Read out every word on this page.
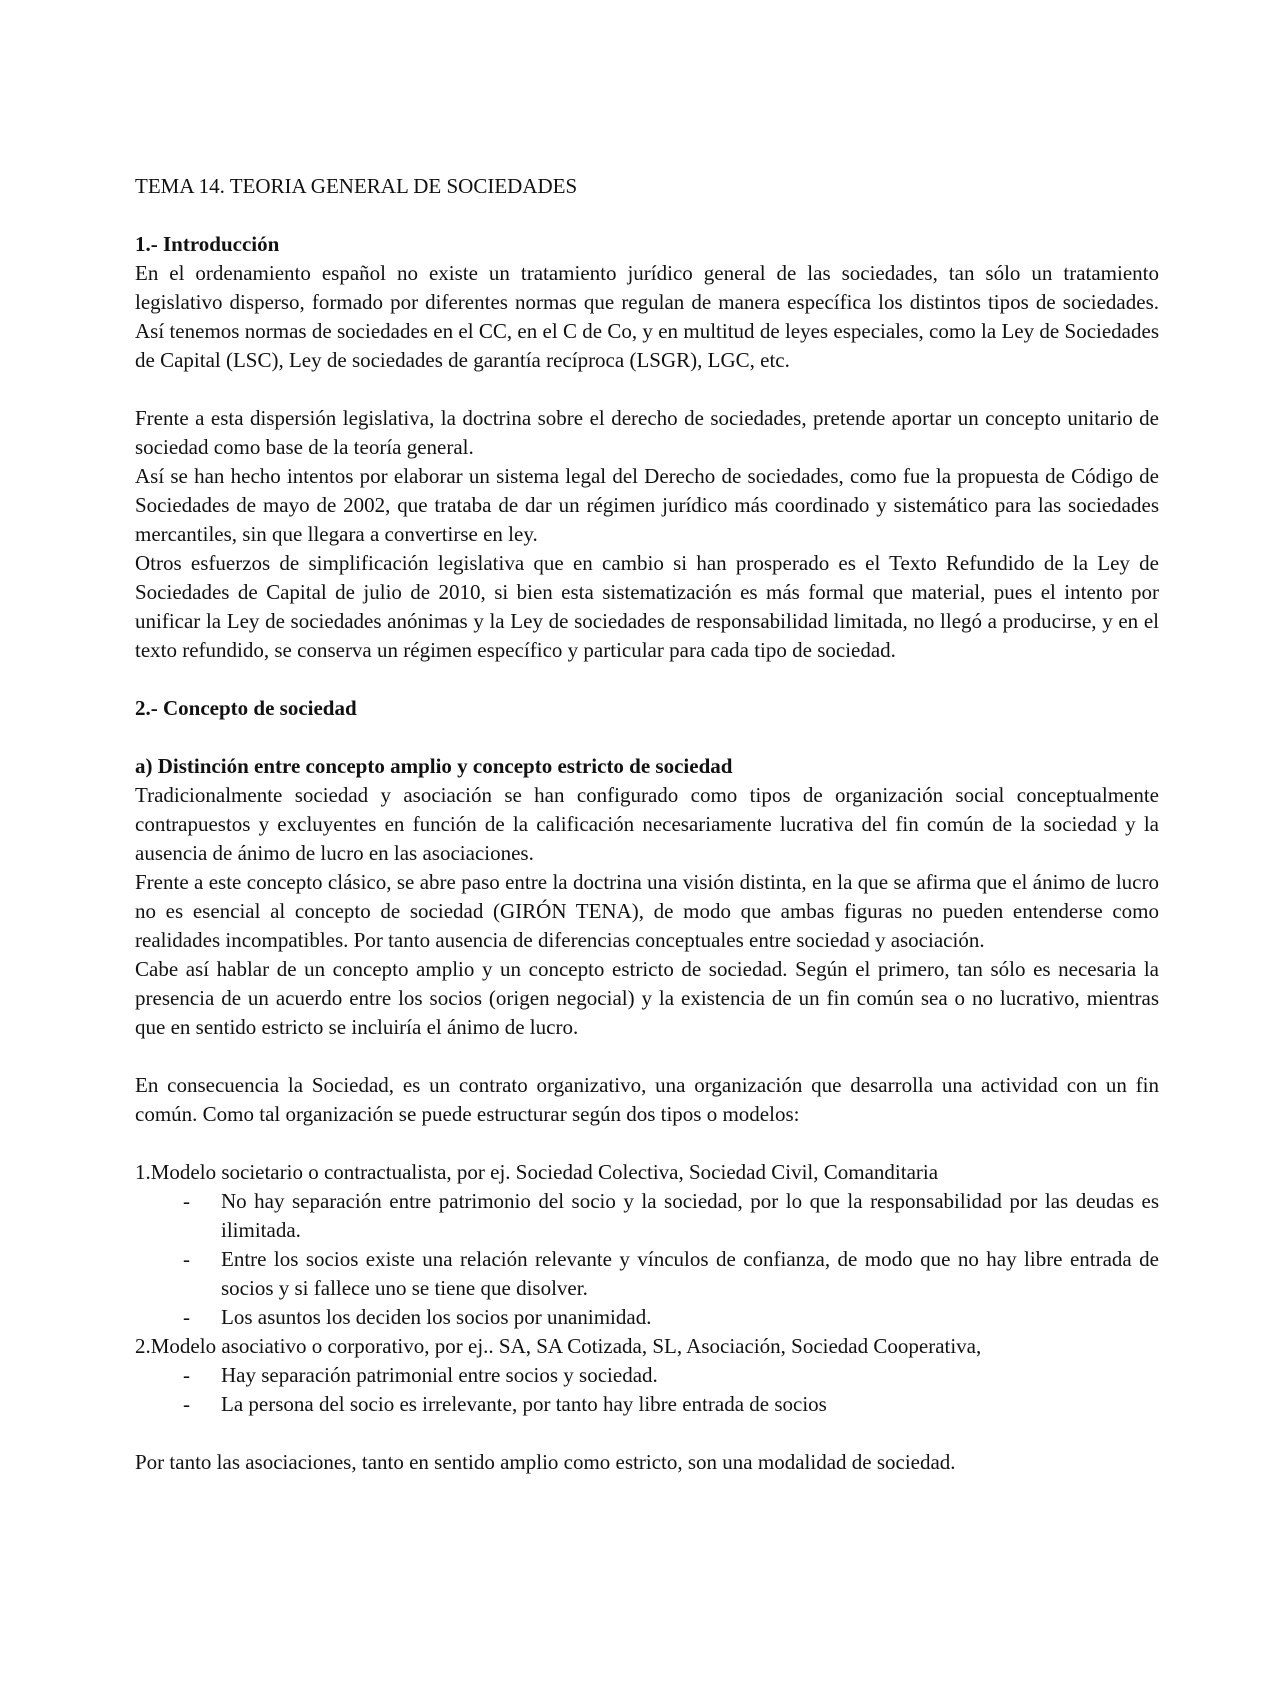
TEMA 14. TEORIA GENERAL DE SOCIEDADES

1.- Introducción

En el ordenamiento español no existe un tratamiento jurídico general de las sociedades, tan sólo un tratamiento legislativo disperso, formado por diferentes normas que regulan de manera específica los distintos tipos de sociedades. Así tenemos normas de sociedades en el CC, en el C de Co, y en multitud de leyes especiales, como la Ley de Sociedades de Capital (LSC), Ley de sociedades de garantía recíproca (LSGR), LGC, etc.

Frente a esta dispersión legislativa, la doctrina sobre el derecho de sociedades, pretende aportar un concepto unitario de sociedad como base de la teoría general.

Así se han hecho intentos por elaborar un sistema legal del Derecho de sociedades, como fue la propuesta de Código de Sociedades de mayo de 2002, que trataba de dar un régimen jurídico más coordinado y sistemático para las sociedades mercantiles, sin que llegara a convertirse en ley.

Otros esfuerzos de simplificación legislativa que en cambio si han prosperado es el Texto Refundido de la Ley de Sociedades de Capital de julio de 2010, si bien esta sistematización es más formal que material, pues el intento por unificar la Ley de sociedades anónimas y la Ley de sociedades de responsabilidad limitada, no llegó a producirse, y en el texto refundido, se conserva un régimen específico y particular para cada tipo de sociedad.

2.- Concepto de sociedad

a) Distinción entre concepto amplio y concepto estricto de sociedad

Tradicionalmente sociedad y asociación se han configurado como tipos de organización social conceptualmente contrapuestos y excluyentes en función de la calificación necesariamente lucrativa del fin común de la sociedad y la ausencia de ánimo de lucro en las asociaciones.

Frente a este concepto clásico, se abre paso entre la doctrina una visión distinta, en la que se afirma que el ánimo de lucro no es esencial al concepto de sociedad (GIRÓN TENA), de modo que ambas figuras no pueden entenderse como realidades incompatibles. Por tanto ausencia de diferencias conceptuales entre sociedad y asociación.

Cabe así hablar de un concepto amplio y un concepto estricto de sociedad. Según el primero, tan sólo es necesaria la presencia de un acuerdo entre los socios (origen negocial) y la existencia de un fin común sea o no lucrativo, mientras que en sentido estricto se incluiría el ánimo de lucro.

En consecuencia la Sociedad, es un contrato organizativo, una organización que desarrolla una actividad con un fin común. Como tal organización se puede estructurar según dos tipos o modelos:

1.Modelo societario o contractualista, por ej. Sociedad Colectiva, Sociedad Civil, Comanditaria

- No hay separación entre patrimonio del socio y la sociedad, por lo que la responsabilidad por las deudas es ilimitada.
- Entre los socios existe una relación relevante y vínculos de confianza, de modo que no hay libre entrada de socios y si fallece uno se tiene que disolver.
- Los asuntos los deciden los socios por unanimidad.

2.Modelo asociativo o corporativo, por ej.. SA, SA Cotizada, SL, Asociación, Sociedad Cooperativa,

- Hay separación patrimonial entre socios y sociedad.
- La persona del socio es irrelevante, por tanto hay libre entrada de socios

Por tanto las asociaciones, tanto en sentido amplio como estricto, son una modalidad de sociedad.
